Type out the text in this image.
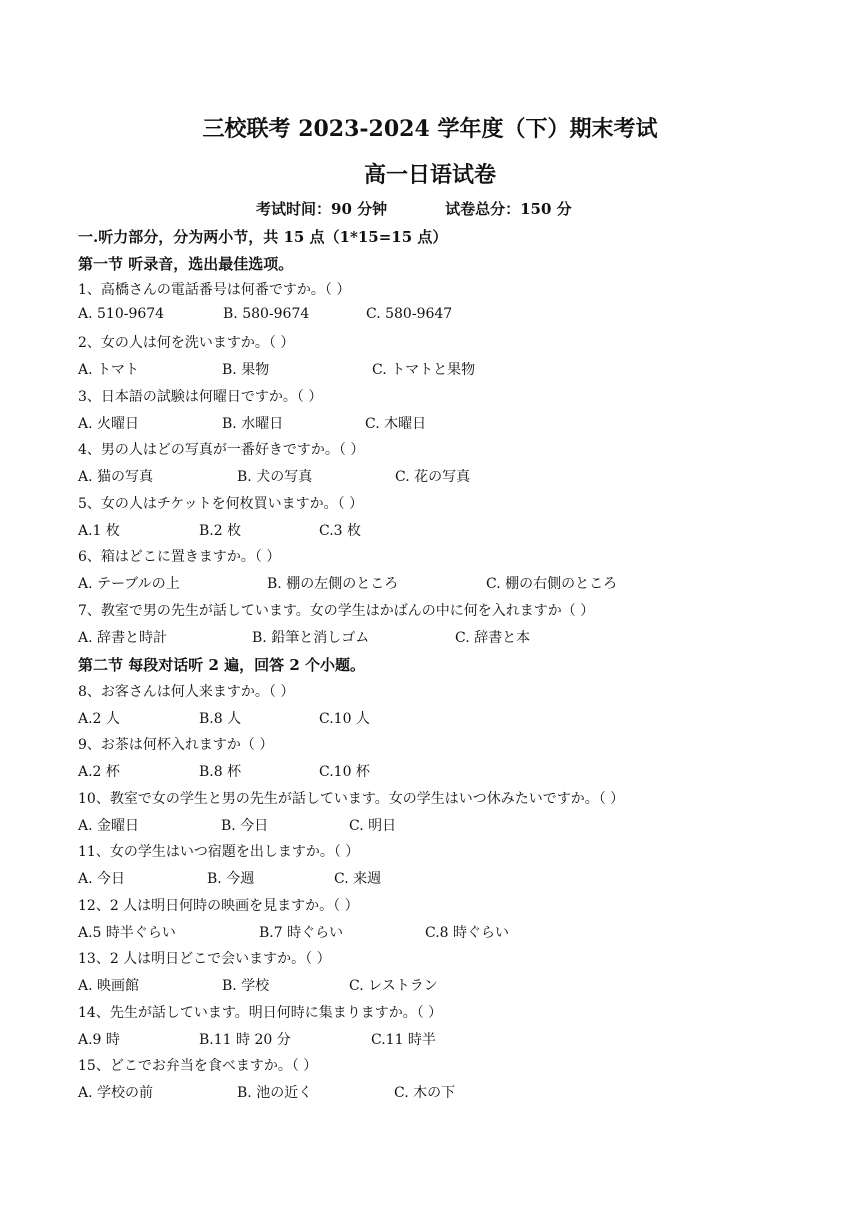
三校联考 2023-2024 学年度（下）期末考试
高一日语试卷
考试时间：90 分钟	试卷总分：150 分
一.听力部分，分为两小节，共 15 点（1*15=15 点）
第一节 听录音，选出最佳选项。
1、高橋さんの電話番号は何番ですか。（ ）
A. 510-9674	B. 580-9674	C. 580-9647
2、女の人は何を洗いますか。（ ）
A. トマト	B. 果物	C. トマトと果物
3、日本語の試験は何曜日ですか。（ ）
A. 火曜日	B. 水曜日	C. 木曜日
4、男の人はどの写真が一番好きですか。（ ）
A. 猫の写真	B. 犬の写真	C. 花の写真
5、女の人はチケットを何枚買いますか。（ ）
A.1 枚	B.2 枚	C.3 枚
6、箱はどこに置きますか。（ ）
A. テーブルの上	B. 棚の左側のところ	C. 棚の右側のところ
7、教室で男の先生が話しています。女の学生はかばんの中に何を入れますか（ ）
A. 辞書と時計	B. 鉛筆と消しゴム	C. 辞書と本
第二节 每段对话听 2 遍，回答 2 个小题。
8、お客さんは何人来ますか。（ ）
A.2 人	B.8 人	C.10 人
9、お茶は何杯入れますか（ ）
A.2 杯	B.8 杯	C.10 杯
10、教室で女の学生と男の先生が話しています。女の学生はいつ休みたいですか。（ ）
A. 金曜日	B. 今日	C. 明日
11、女の学生はいつ宿題を出しますか。（ ）
A. 今日	B. 今週	C. 来週
12、2 人は明日何時の映画を見ますか。（ ）
A.5 時半ぐらい	B.7 時ぐらい	C.8 時ぐらい
13、2 人は明日どこで会いますか。（ ）
A. 映画館	B. 学校	C. レストラン
14、先生が話しています。明日何時に集まりますか。（ ）
A.9 時	B.11 時 20 分	C.11 時半
15、どこでお弁当を食べますか。（ ）
A. 学校の前	B. 池の近く	C. 木の下
